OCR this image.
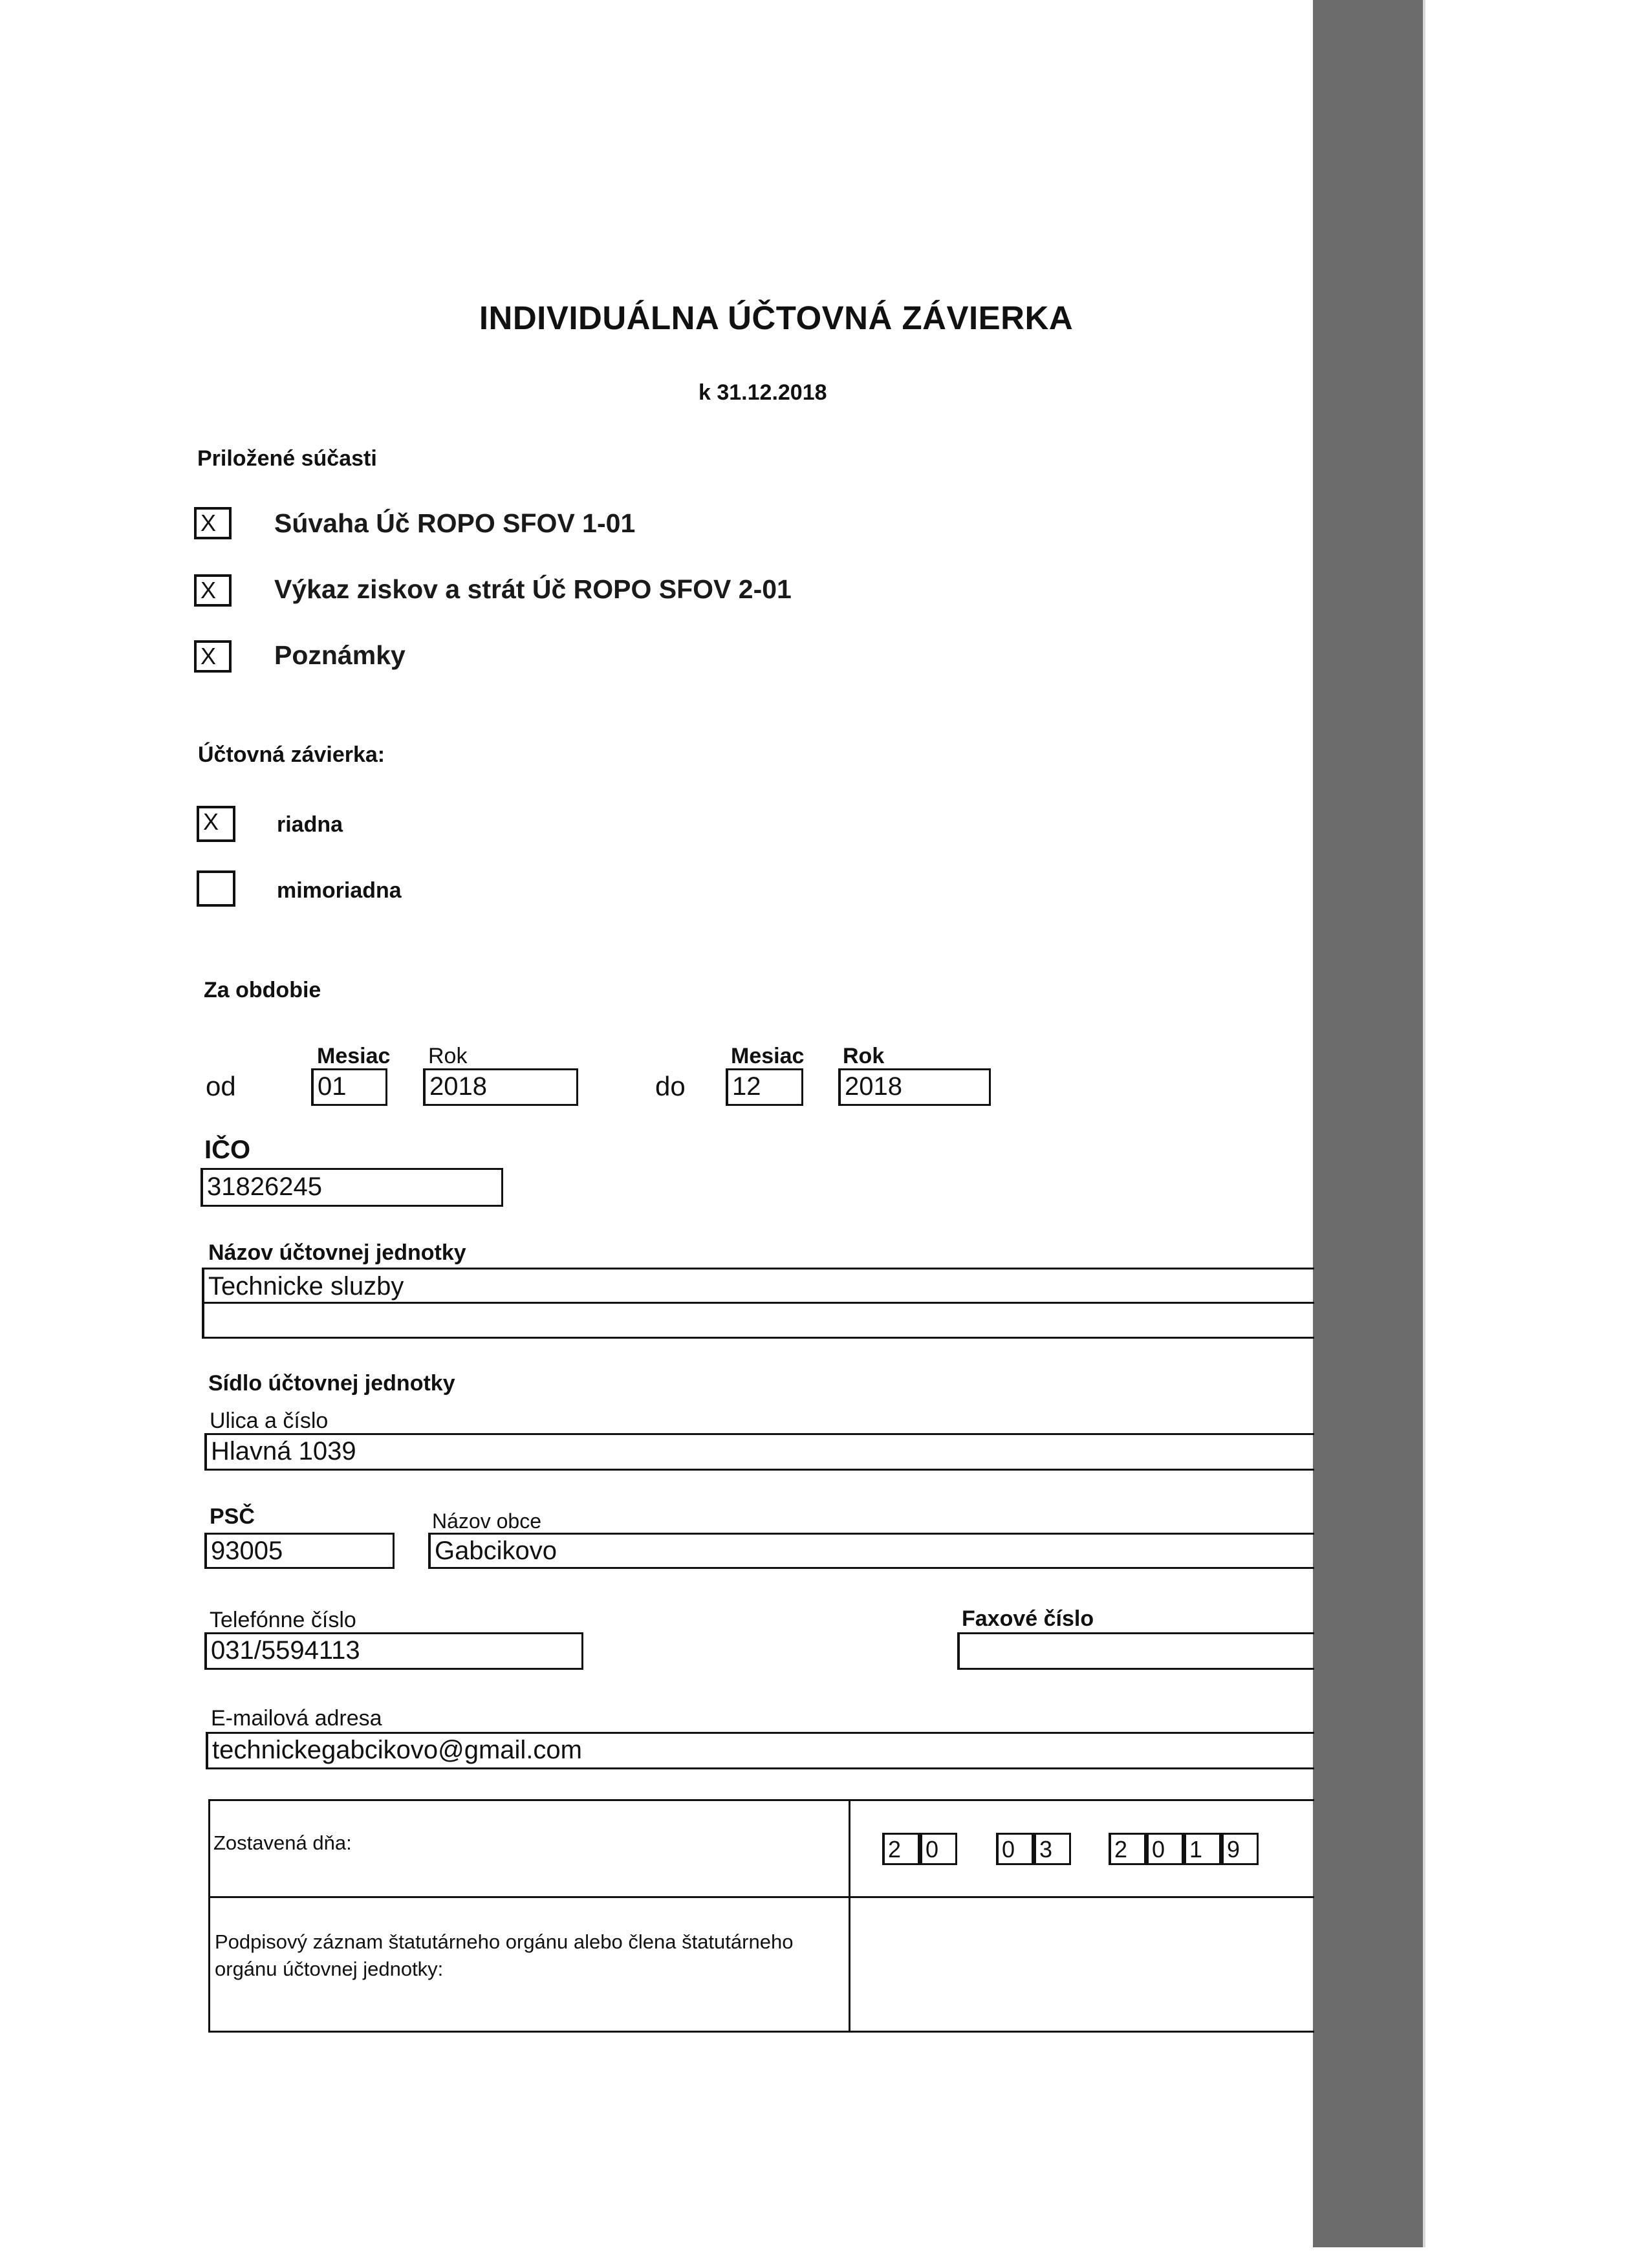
INDIVIDUÁLNA ÚČTOVNÁ ZÁVIERKA
k 31.12.2018
Priložené súčasti
X	Súvaha Úč ROPO SFOV 1-01
X	Výkaz ziskov a strát Úč ROPO SFOV 2-01
X	Poznámky
Účtovná závierka:
X	riadna
mimoriadna
Za obdobie
Mesiac Rok	Mesiac Rok
od	01	2018	do 12	2018
IČO
31826245
Názov účtovnej jednotky
Technicke sluzby
Sídlo účtovnej jednotky
Ulica a číslo
Hlavná 1039
PSČ	Názov obce
93005	Gabcikovo
Telefónne číslo
031/5594113
Faxové číslo
E-mailová adresa
technickegabcikovo@gmail.com
Zostavená dňa:	2	0	0	3	2	0	1	9
Podpisový záznam štatutárneho orgánu alebo člena štatutárneho
orgánu účtovnej jednotky:
